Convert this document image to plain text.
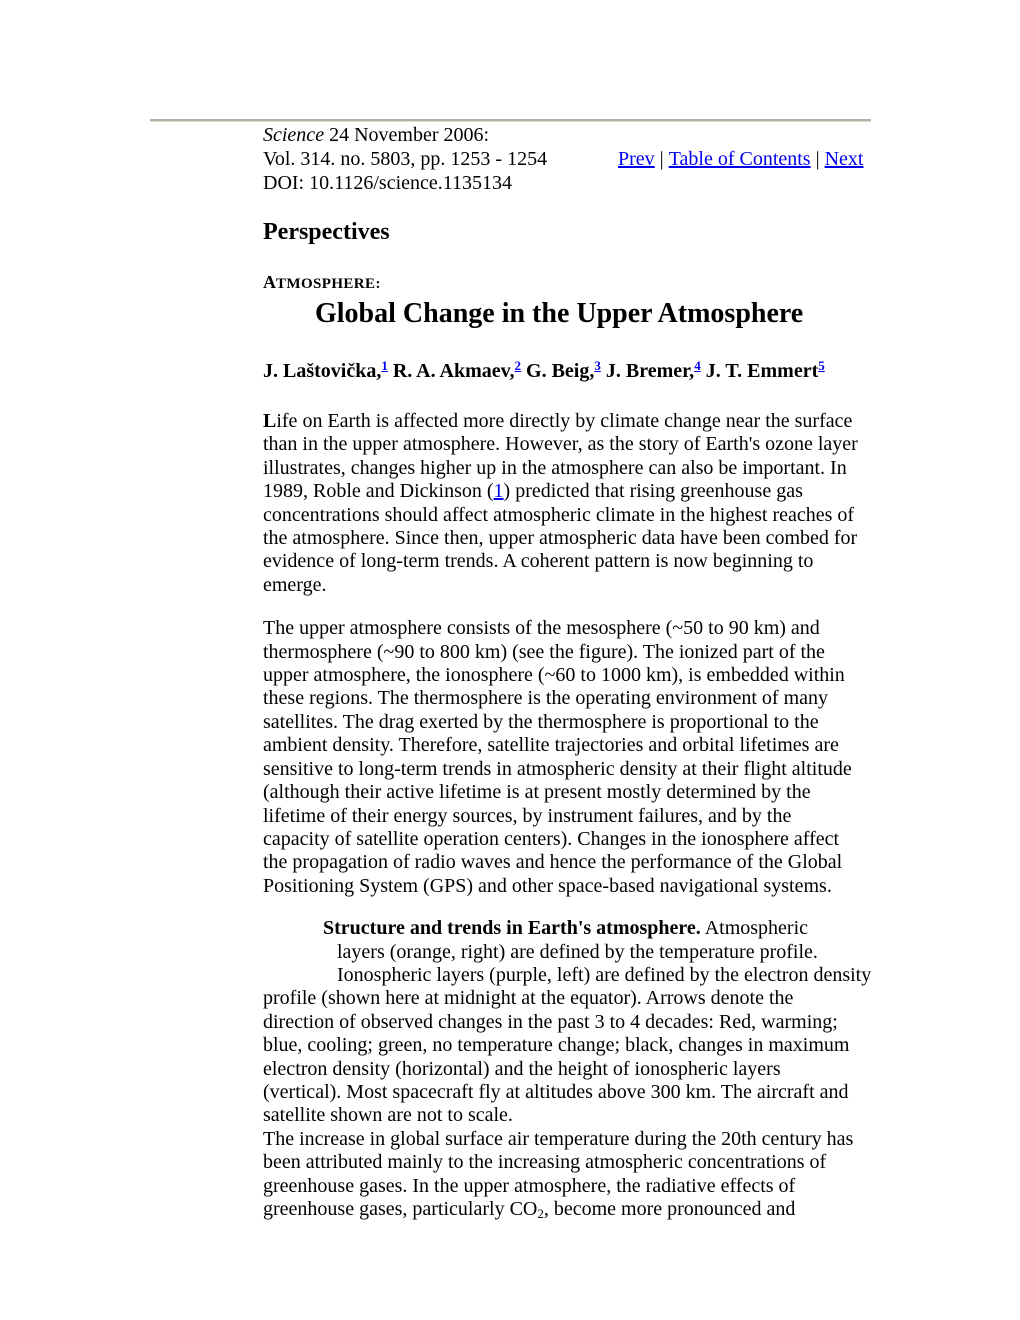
Science 24 November 2006:
Vol. 314. no. 5803, pp. 1253 - 1254
DOI: 10.1126/science.1135134
Prev | Table of Contents | Next
Perspectives
ATMOSPHERE:
Global Change in the Upper Atmosphere
J. Laštovička,$^1$ R. A. Akmaev,$^2$ G. Beig,$^3$ J. Bremer,$^4$ J. T. Emmert$^5$
Life on Earth is affected more directly by climate change near the surface
than in the upper atmosphere. However, as the story of Earth's ozone layer
illustrates, changes higher up in the atmosphere can also be important. In
1989, Roble and Dickinson (1) predicted that rising greenhouse gas
concentrations should affect atmospheric climate in the highest reaches of
the atmosphere. Since then, upper atmospheric data have been combed for
evidence of long-term trends. A coherent pattern is now beginning to
emerge.
The upper atmosphere consists of the mesosphere (~50 to 90 km) and
thermosphere (~90 to 800 km) (see the figure). The ionized part of the
upper atmosphere, the ionosphere (~60 to 1000 km), is embedded within
these regions. The thermosphere is the operating environment of many
satellites. The drag exerted by the thermosphere is proportional to the
ambient density. Therefore, satellite trajectories and orbital lifetimes are
sensitive to long-term trends in atmospheric density at their flight altitude
(although their active lifetime is at present mostly determined by the
lifetime of their energy sources, by instrument failures, and by the
capacity of satellite operation centers). Changes in the ionosphere affect
the propagation of radio waves and hence the performance of the Global
Positioning System (GPS) and other space-based navigational systems.
Structure and trends in Earth's atmosphere. Atmospheric
layers (orange, right) are defined by the temperature profile.
Ionospheric layers (purple, left) are defined by the electron density
profile (shown here at midnight at the equator). Arrows denote the
direction of observed changes in the past 3 to 4 decades: Red, warming;
blue, cooling; green, no temperature change; black, changes in maximum
electron density (horizontal) and the height of ionospheric layers
(vertical). Most spacecraft fly at altitudes above 300 km. The aircraft and
satellite shown are not to scale.
The increase in global surface air temperature during the 20th century has
been attributed mainly to the increasing atmospheric concentrations of
greenhouse gases. In the upper atmosphere, the radiative effects of
greenhouse gases, particularly $CO_2$, become more pronounced and
